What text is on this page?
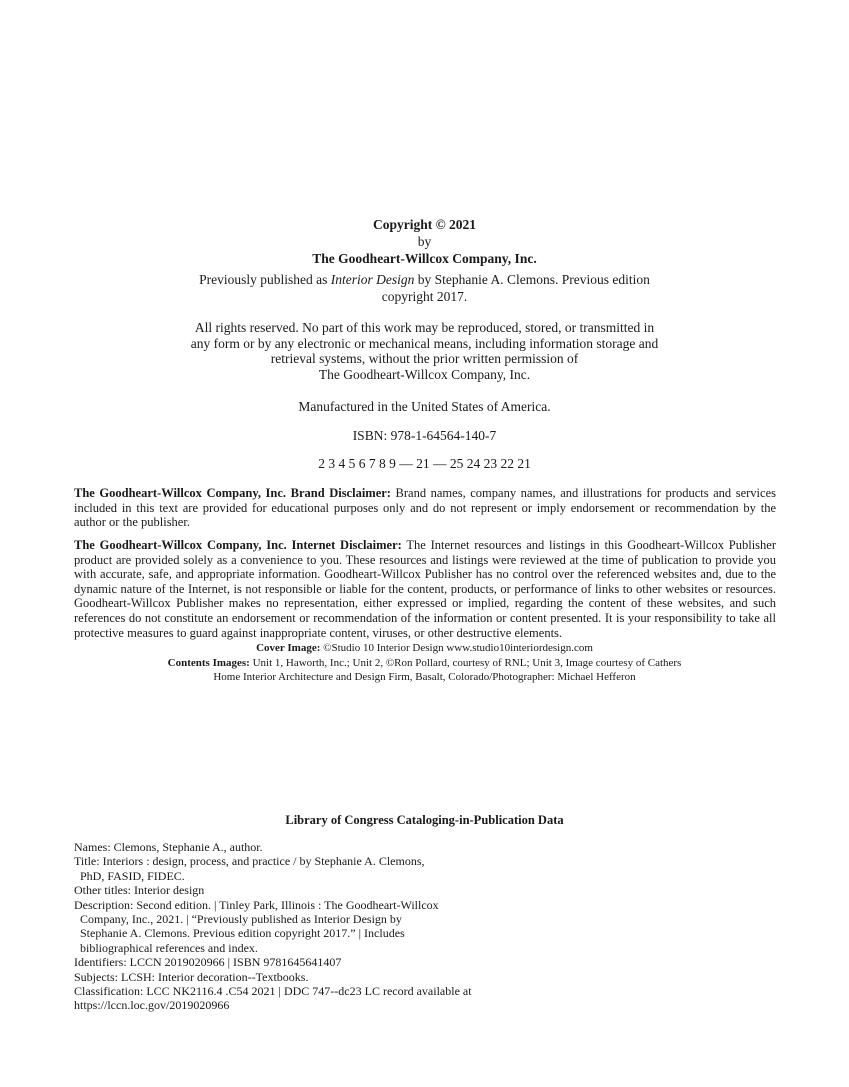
Copyright © 2021
by
The Goodheart-Willcox Company, Inc.
Previously published as Interior Design by Stephanie A. Clemons. Previous edition
copyright 2017.
All rights reserved. No part of this work may be reproduced, stored, or transmitted in
any form or by any electronic or mechanical means, including information storage and
retrieval systems, without the prior written permission of
The Goodheart-Willcox Company, Inc.
Manufactured in the United States of America.
ISBN: 978-1-64564-140-7
2 3 4 5 6 7 8 9 — 21 — 25 24 23 22 21
The Goodheart-Willcox Company, Inc. Brand Disclaimer: Brand names, company names, and illustrations for products and services included in this text are provided for educational purposes only and do not represent or imply endorsement or recommendation by the author or the publisher.
The Goodheart-Willcox Company, Inc. Internet Disclaimer: The Internet resources and listings in this Goodheart-Willcox Publisher product are provided solely as a convenience to you. These resources and listings were reviewed at the time of publication to provide you with accurate, safe, and appropriate information. Goodheart-Willcox Publisher has no control over the referenced websites and, due to the dynamic nature of the Internet, is not responsible or liable for the content, products, or performance of links to other websites or resources. Goodheart-Willcox Publisher makes no representation, either expressed or implied, regarding the content of these websites, and such references do not constitute an endorsement or recommendation of the information or content presented. It is your responsibility to take all protective measures to guard against inappropriate content, viruses, or other destructive elements.
Cover Image: ©Studio 10 Interior Design www.studio10interiordesign.com
Contents Images: Unit 1, Haworth, Inc.; Unit 2, ©Ron Pollard, courtesy of RNL; Unit 3, Image courtesy of Cathers
Home Interior Architecture and Design Firm, Basalt, Colorado/Photographer: Michael Hefferon
Library of Congress Cataloging-in-Publication Data
Names: Clemons, Stephanie A., author.
Title: Interiors : design, process, and practice / by Stephanie A. Clemons,
PhD, FASID, FIDEC.
Other titles: Interior design
Description: Second edition. | Tinley Park, Illinois : The Goodheart-Willcox
Company, Inc., 2021. | “Previously published as Interior Design by
Stephanie A. Clemons. Previous edition copyright 2017.” | Includes
bibliographical references and index.
Identifiers: LCCN 2019020966 | ISBN 9781645641407
Subjects: LCSH: Interior decoration--Textbooks.
Classification: LCC NK2116.4 .C54 2021 | DDC 747--dc23 LC record available at
https://lccn.loc.gov/2019020966
